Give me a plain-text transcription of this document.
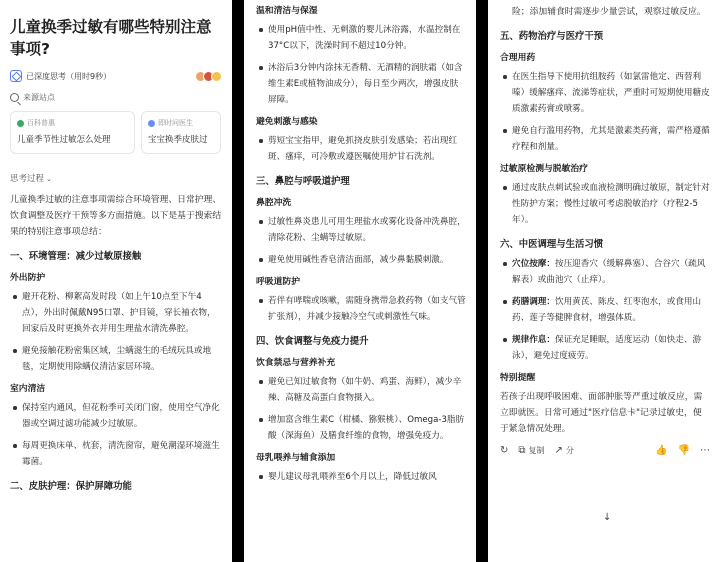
儿童换季过敏有哪些特别注意事项?
已深度思考（用时9秒）
来源站点
百科普惠
儿童季节性过敏怎么处理
即时问医生
宝宝换季皮肤过
思考过程 ⌄
儿童换季过敏的注意事项需综合环境管理、日常护理、饮食调整及医疗干预等多方面措施。以下是基于搜索结果的特别注意事项总结：
一、环境管理：减少过敏原接触
外出防护
避开花粉、柳絮高发时段（如上午10点至下午4点），外出时佩戴N95口罩、护目镜，穿长袖衣物，回家后及时更换外衣并用生理盐水清洗鼻腔。
避免接触花粉密集区域，尘螨滋生的毛绒玩具或地毯，定期使用除螨仪清洁家居环境。
室内清洁
保持室内通风，但花粉季可关闭门窗，使用空气净化器或空调过滤功能减少过敏原。
每周更换床单、枕套，清洗窗帘，避免潮湿环境滋生霉菌。
二、皮肤护理：保护屏障功能
温和清洁与保湿
使用pH值中性、无刺激的婴儿沐浴露，水温控制在37°C以下，洗澡时间不超过10分钟。
沐浴后3分钟内涂抹无香精、无酒精的润肤霜（如含维生素E或植物油成分），每日至少两次，增强皮肤屏障。
避免刺激与感染
剪短宝宝指甲，避免抓挠皮肤引发感染；若出现红斑、瘙痒，可冷敷或遵医嘱使用炉甘石洗剂。
三、鼻腔与呼吸道护理
鼻腔冲洗
过敏性鼻炎患儿可用生理盐水或雾化设备冲洗鼻腔，清除花粉、尘螨等过敏原。
避免使用碱性香皂清洁面部，减少鼻黏膜刺激。
呼吸道防护
若伴有哮喘或咳嗽，需随身携带急救药物（如支气管扩张剂），并减少接触冷空气或刺激性气味。
四、饮食调整与免疫力提升
饮食禁忌与营养补充
避免已知过敏食物（如牛奶、鸡蛋、海鲜），减少辛辣、高糖及高蛋白食物摄入。
增加富含维生素C（柑橘、猕猴桃）、Omega-3脂肪酸（深海鱼）及膳食纤维的食物，增强免疫力。
母乳喂养与辅食添加
婴儿建议母乳喂养至6个月以上，降低过敏风
险；添加辅食时需逐步少量尝试，观察过敏反应。
五、药物治疗与医疗干预
合理用药
在医生指导下使用抗组胺药（如氯雷他定、西替利嗪）缓解瘙痒、流涕等症状，严重时可短期使用糖皮质激素药膏或喷雾。
避免自行滥用药物，尤其是激素类药膏，需严格遵循疗程和剂量。
过敏原检测与脱敏治疗
通过皮肤点刺试验或血液检测明确过敏原，制定针对性防护方案；慢性过敏可考虑脱敏治疗（疗程2-5年）。
六、中医调理与生活习惯
穴位按摩：按压迎香穴（缓解鼻塞）、合谷穴（疏风解表）或曲池穴（止痒）。
药膳调理：饮用黄芪、陈皮、红枣泡水，或食用山药、莲子等健脾食材，增强体质。
规律作息：保证充足睡眠，适度运动（如快走、游泳），避免过度疲劳。
特别提醒
若孩子出现呼吸困难、面部肿胀等严重过敏反应，需立即就医。日常可通过"医疗信息卡"记录过敏史，便于紧急情况处理。
↻ ⧉ 复制 ↗ 分	👍 👎 ⋯
↓
